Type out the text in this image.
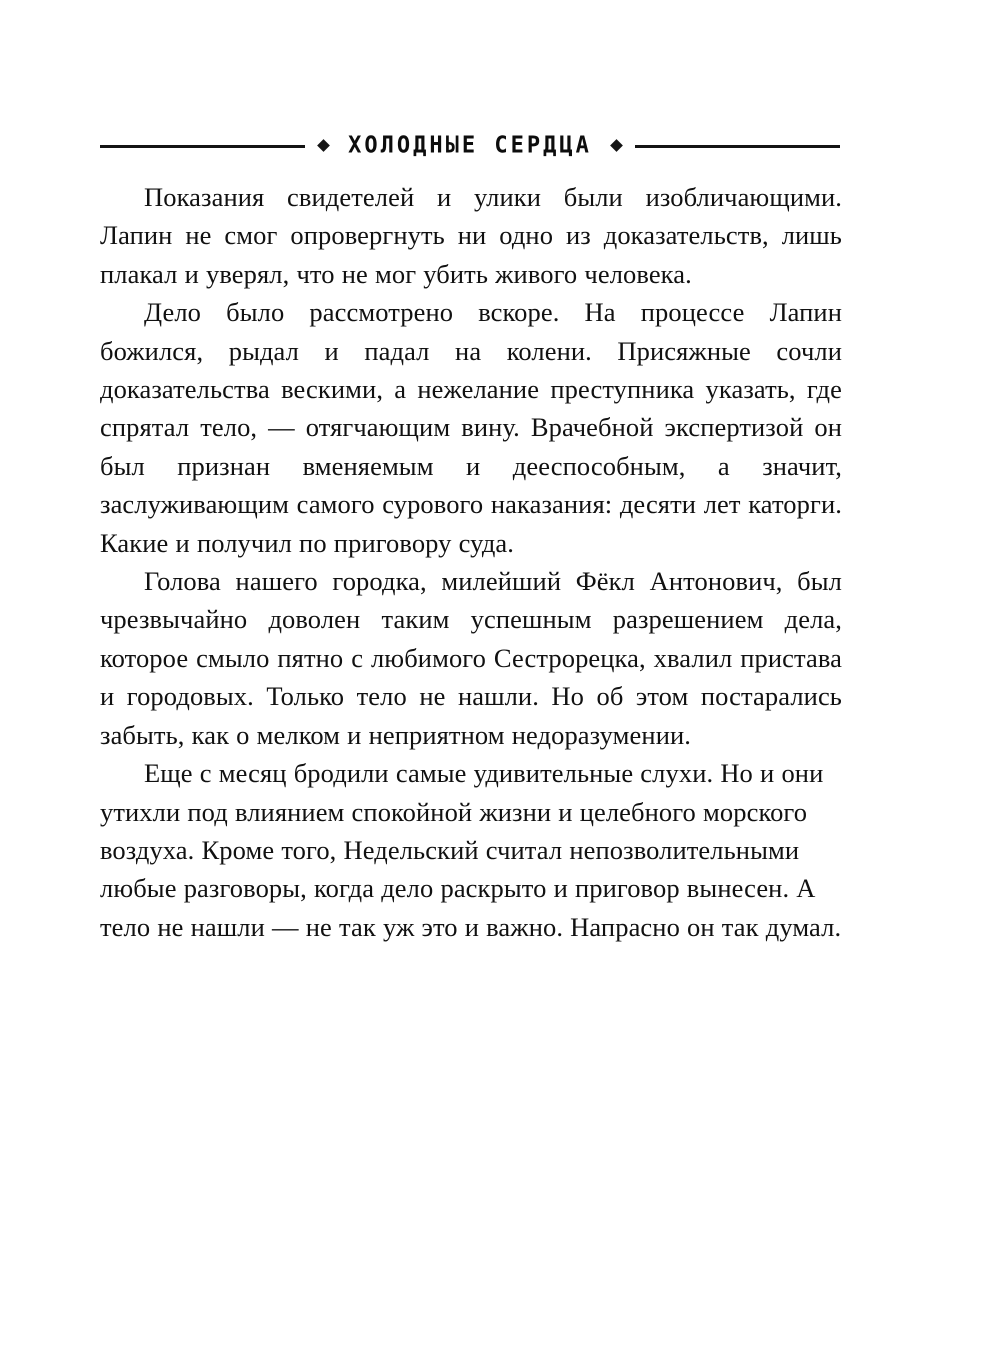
ХОЛОДНЫЕ СЕРДЦА

Показания свидетелей и улики были изобличающими. Лапин не смог опровергнуть ни одно из доказательств, лишь плакал и уверял, что не мог убить живого человека.

Дело было рассмотрено вскоре. На процессе Лапин божился, рыдал и падал на колени. Присяжные сочли доказательства вескими, а нежелание преступника указать, где спрятал тело, — отягчающим вину. Врачебной экспертизой он был признан вменяемым и дееспособным, а значит, заслуживающим самого сурового наказания: десяти лет каторги. Какие и получил по приговору суда.

Голова нашего городка, милейший Фёкл Антонович, был чрезвычайно доволен таким успешным разрешением дела, которое смыло пятно с любимого Сестрорецка, хвалил пристава и городовых. Только тело не нашли. Но об этом постарались забыть, как о мелком и неприятном недоразумении.

Еще с месяц бродили самые удивительные слухи. Но и они утихли под влиянием спокойной жизни и целебного морского воздуха. Кроме того, Недельский считал непозволительными любые разговоры, когда дело раскрыто и приговор вынесен. А тело не нашли — не так уж это и важно. Напрасно он так думал.
